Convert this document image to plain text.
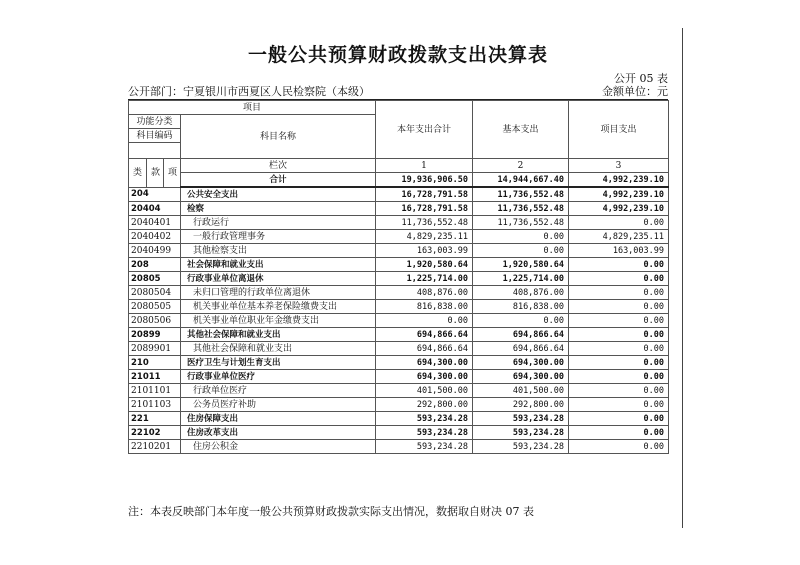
一般公共预算财政拨款支出决算表
公开 05 表
公开部门：宁夏银川市西夏区人民检察院（本级）	金额单位：元
项目				本年支出合计	基本支出	项目支出
功能分类			科目名称			
科目编码						

类	款	项	栏次	1	2	3
			合计	19,936,906.50	14,944,667.40	4,992,239.10
204			公共安全支出	16,728,791.58	11,736,552.48	4,992,239.10
20404			检察	16,728,791.58	11,736,552.48	4,992,239.10
2040401			行政运行	11,736,552.48	11,736,552.48	0.00
2040402			一般行政管理事务	4,829,235.11	0.00	4,829,235.11
2040499			其他检察支出	163,003.99	0.00	163,003.99
208			社会保障和就业支出	1,920,580.64	1,920,580.64	0.00
20805			行政事业单位离退休	1,225,714.00	1,225,714.00	0.00
2080504			未归口管理的行政单位离退休	408,876.00	408,876.00	0.00
2080505			机关事业单位基本养老保险缴费支出	816,838.00	816,838.00	0.00
2080506			机关事业单位职业年金缴费支出	0.00	0.00	0.00
20899			其他社会保障和就业支出	694,866.64	694,866.64	0.00
2089901			其他社会保障和就业支出	694,866.64	694,866.64	0.00
210			医疗卫生与计划生育支出	694,300.00	694,300.00	0.00
21011			行政事业单位医疗	694,300.00	694,300.00	0.00
2101101			行政单位医疗	401,500.00	401,500.00	0.00
2101103			公务员医疗补助	292,800.00	292,800.00	0.00
221			住房保障支出	593,234.28	593,234.28	0.00
22102			住房改革支出	593,234.28	593,234.28	0.00
2210201			住房公积金	593,234.28	593,234.28	0.00
注：本表反映部门本年度一般公共预算财政拨款实际支出情况，数据取自财决 07 表
